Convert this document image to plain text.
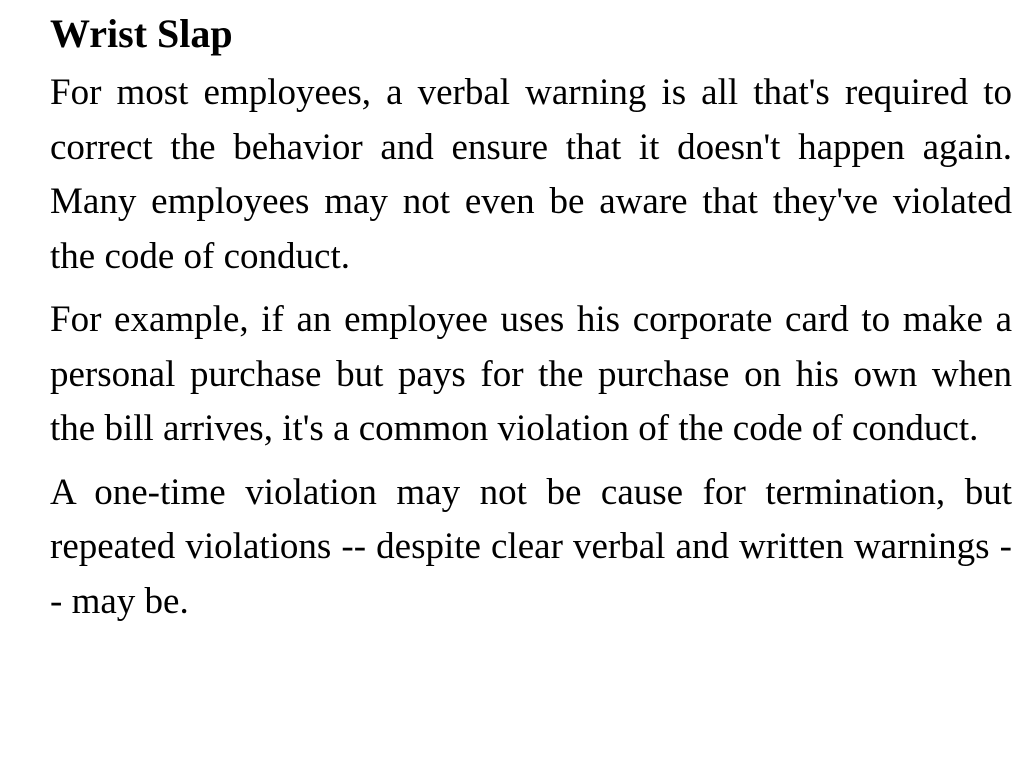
Wrist Slap

For most employees, a verbal warning is all that's required to correct the behavior and ensure that it doesn't happen again. Many employees may not even be aware that they've violated the code of conduct.

For example, if an employee uses his corporate card to make a personal purchase but pays for the purchase on his own when the bill arrives, it's a common violation of the code of conduct.

A one-time violation may not be cause for termination, but repeated violations -- despite clear verbal and written warnings -- may be.
